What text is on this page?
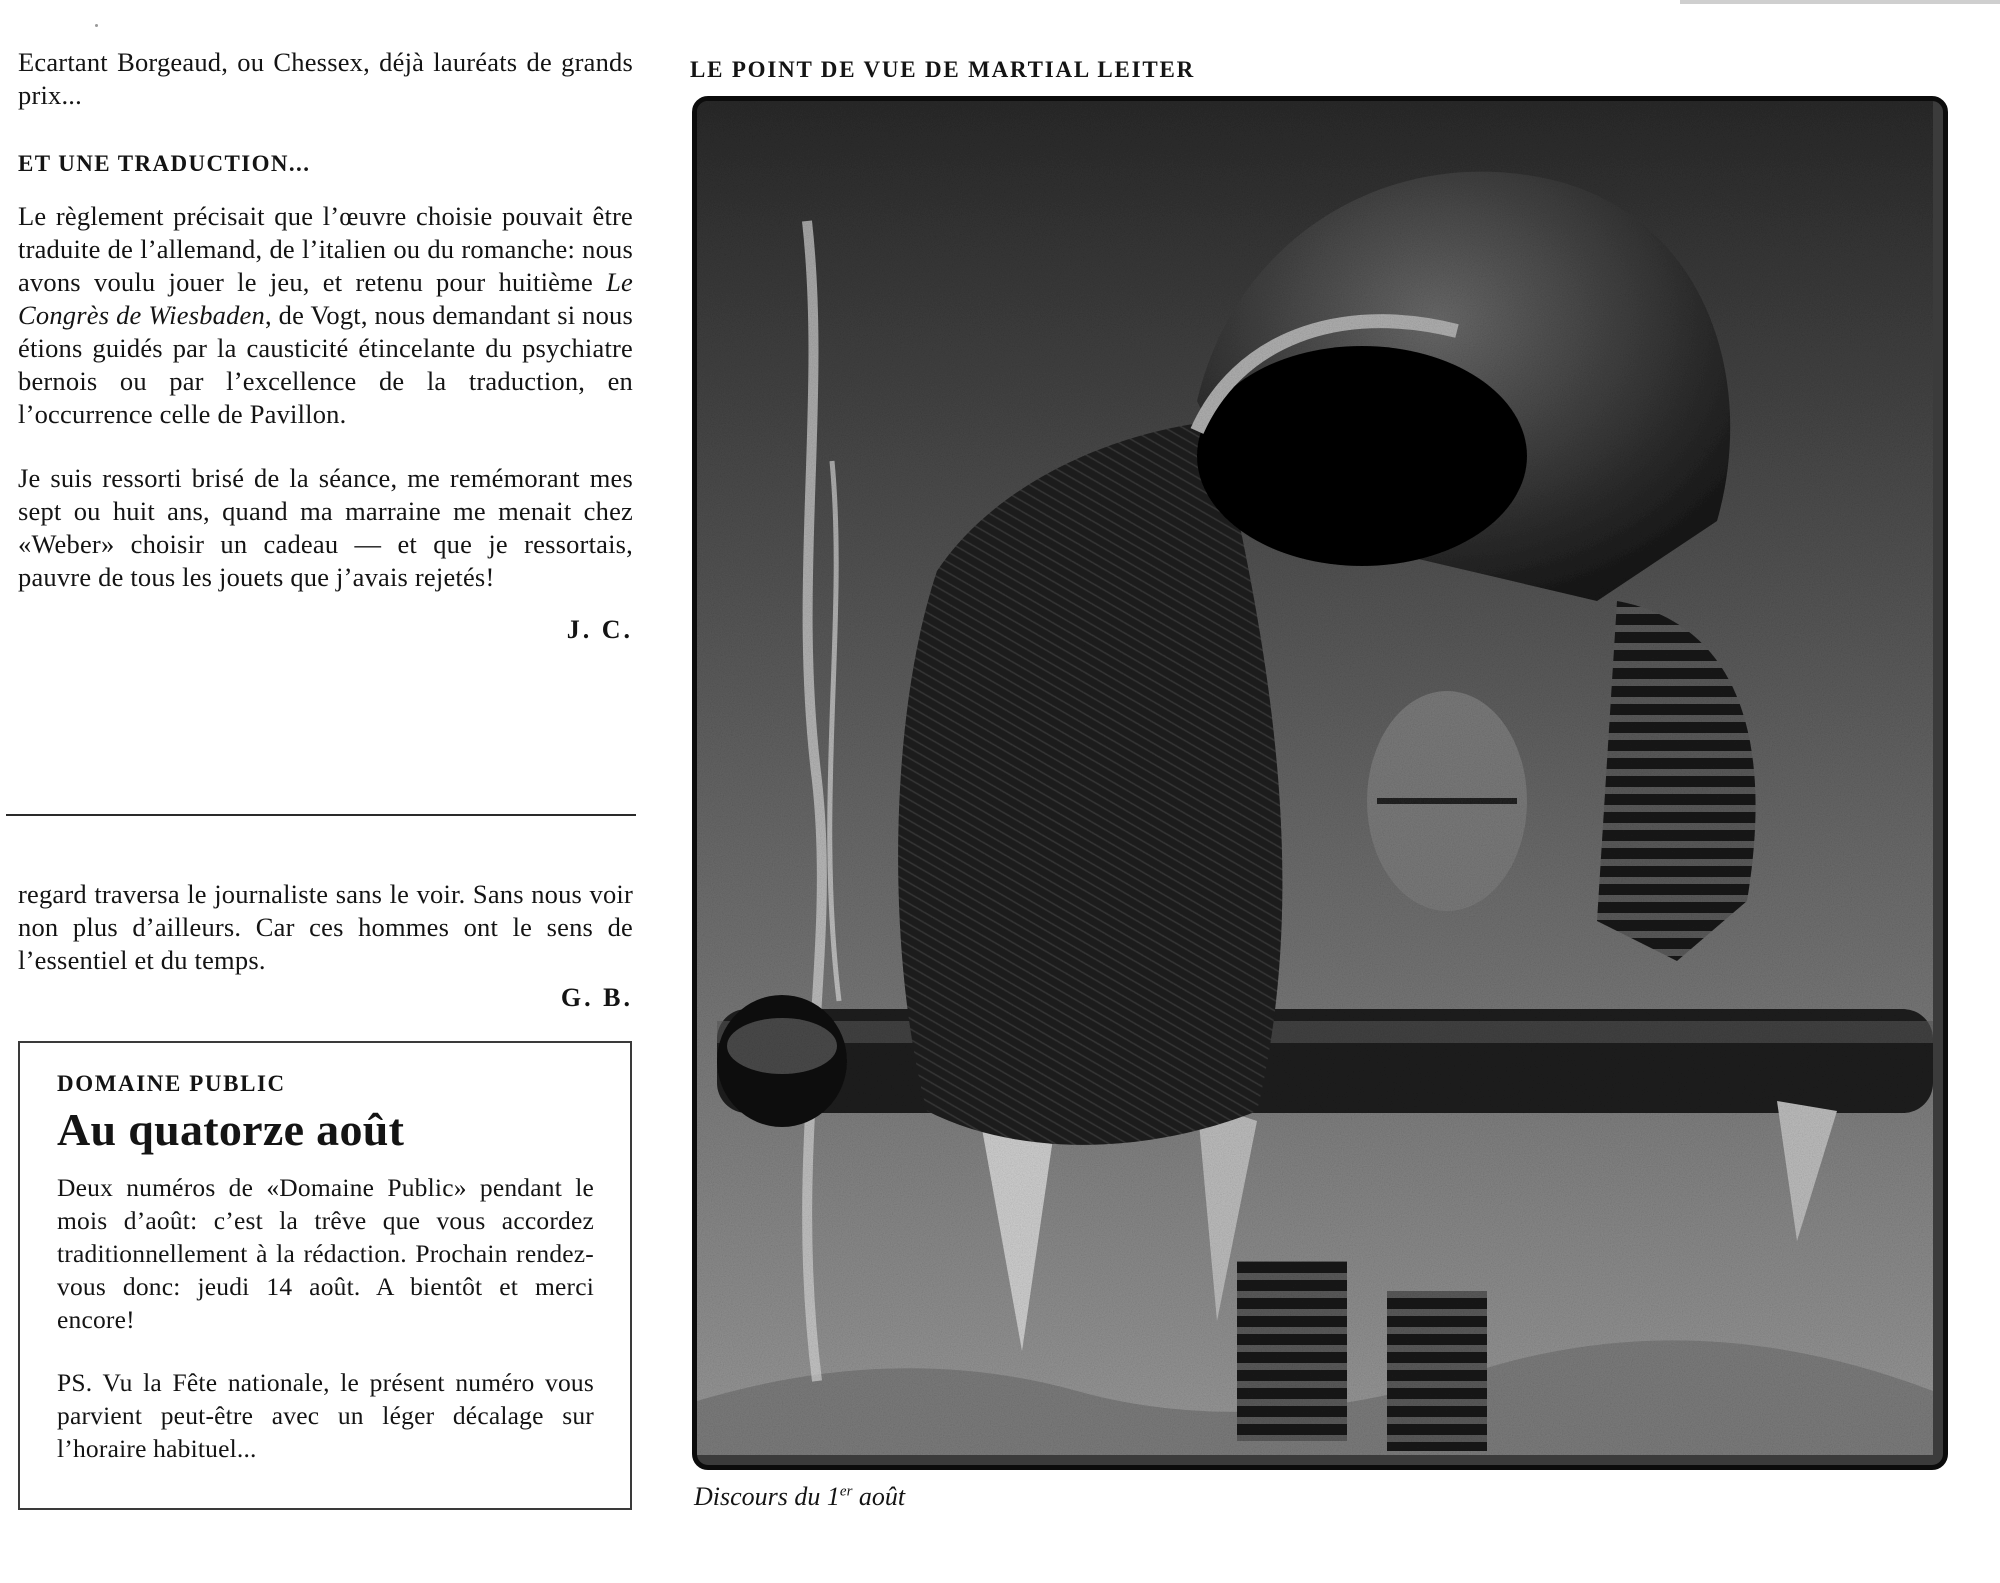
Ecartant Borgeaud, ou Chessex, déjà lauréats de grands prix...

ET UNE TRADUCTION...

Le règlement précisait que l’œuvre choisie pouvait être traduite de l’allemand, de l’italien ou du romanche: nous avons voulu jouer le jeu, et retenu pour huitième Le Congrès de Wiesbaden, de Vogt, nous demandant si nous étions guidés par la causticité étincelante du psychiatre bernois ou par l’excellence de la traduction, en l’occurrence celle de Pavillon.

Je suis ressorti brisé de la séance, me remémorant mes sept ou huit ans, quand ma marraine me menait chez «Weber» choisir un cadeau — et que je ressortais, pauvre de tous les jouets que j’avais rejetés!

J. C.

regard traversa le journaliste sans le voir. Sans nous voir non plus d’ailleurs. Car ces hommes ont le sens de l’essentiel et du temps.

G. B.
DOMAINE PUBLIC
Au quatorze août

Deux numéros de «Domaine Public» pendant le mois d’août: c’est la trêve que vous accordez traditionnellement à la rédaction. Prochain rendez-vous donc: jeudi 14 août. A bientôt et merci encore!

PS. Vu la Fête nationale, le présent numéro vous parvient peut-être avec un léger décalage sur l’horaire habituel...

LE POINT DE VUE DE MARTIAL LEITER
Discours du 1er août
